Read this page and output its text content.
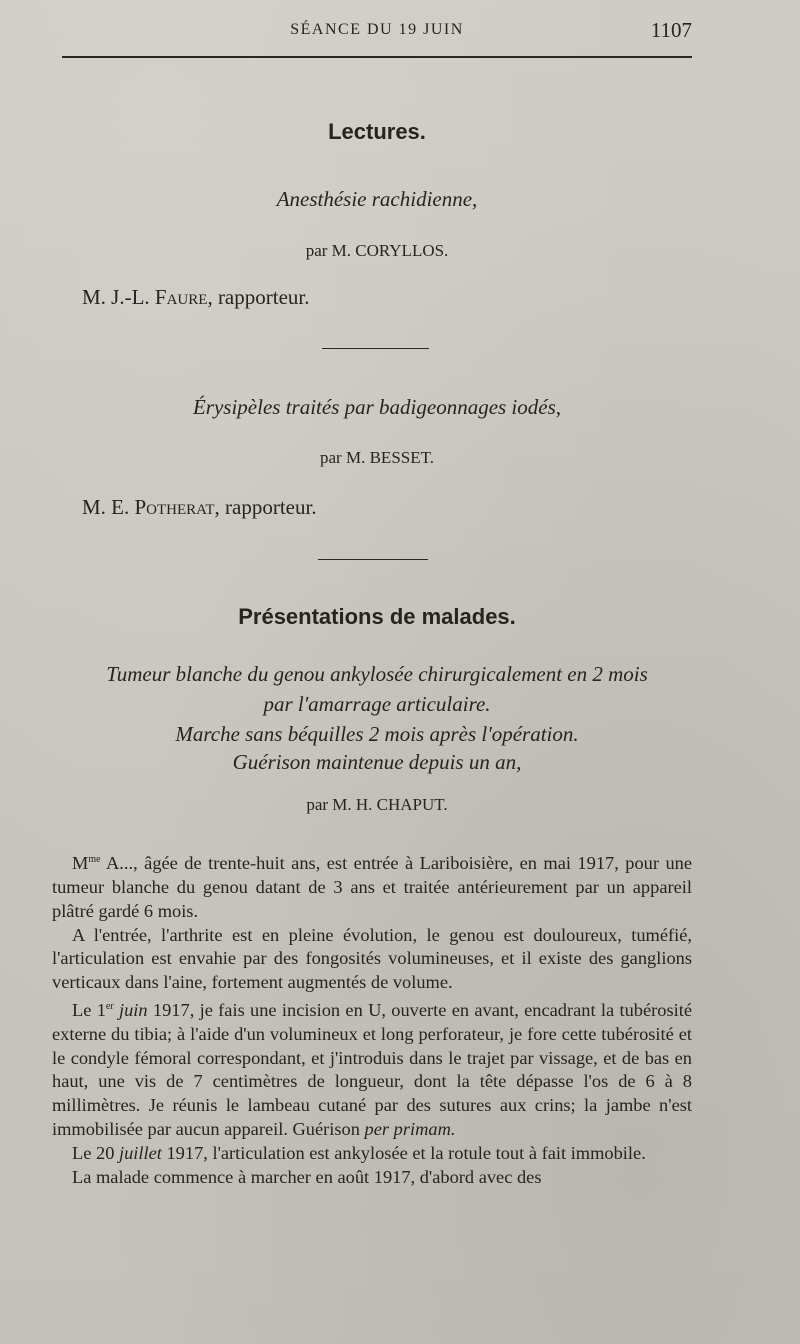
SÉANCE DU 19 JUIN	1107
Lectures.
Anesthésie rachidienne,
par M. CORYLLOS.
M. J.-L. Faure, rapporteur.
Érysipèles traités par badigeonnages iodés,
par M. BESSET.
M. E. Potherat, rapporteur.
Présentations de malades.
Tumeur blanche du genou ankylosée chirurgicalement en 2 mois
par l'amarrage articulaire.
Marche sans béquilles 2 mois après l'opération.
Guérison maintenue depuis un an,
par M. H. CHAPUT.

$M^{me}$ A..., âgée de trente-huit ans, est entrée à Lariboisière, en mai 1917, pour une tumeur blanche du genou datant de 3 ans et traitée antérieurement par un appareil plâtré gardé 6 mois.

A l'entrée, l'arthrite est en pleine évolution, le genou est douloureux, tuméfié, l'articulation est envahie par des fongosités volumineuses, et il existe des ganglions verticaux dans l'aine, fortement augmentés de volume.

Le 1er juin 1917, je fais une incision en U, ouverte en avant, encadrant la tubérosité externe du tibia; à l'aide d'un volumineux et long perforateur, je fore cette tubérosité et le condyle fémoral correspondant, et j'introduis dans le trajet par vissage, et de bas en haut, une vis de 7 centimètres de longueur, dont la tête dépasse l'os de 6 à 8 millimètres. Je réunis le lambeau cutané par des sutures aux crins; la jambe n'est immobilisée par aucun appareil. Guérison per primam.

Le 20 juillet 1917, l'articulation est ankylosée et la rotule tout à fait immobile.

La malade commence à marcher en août 1917, d'abord avec des
